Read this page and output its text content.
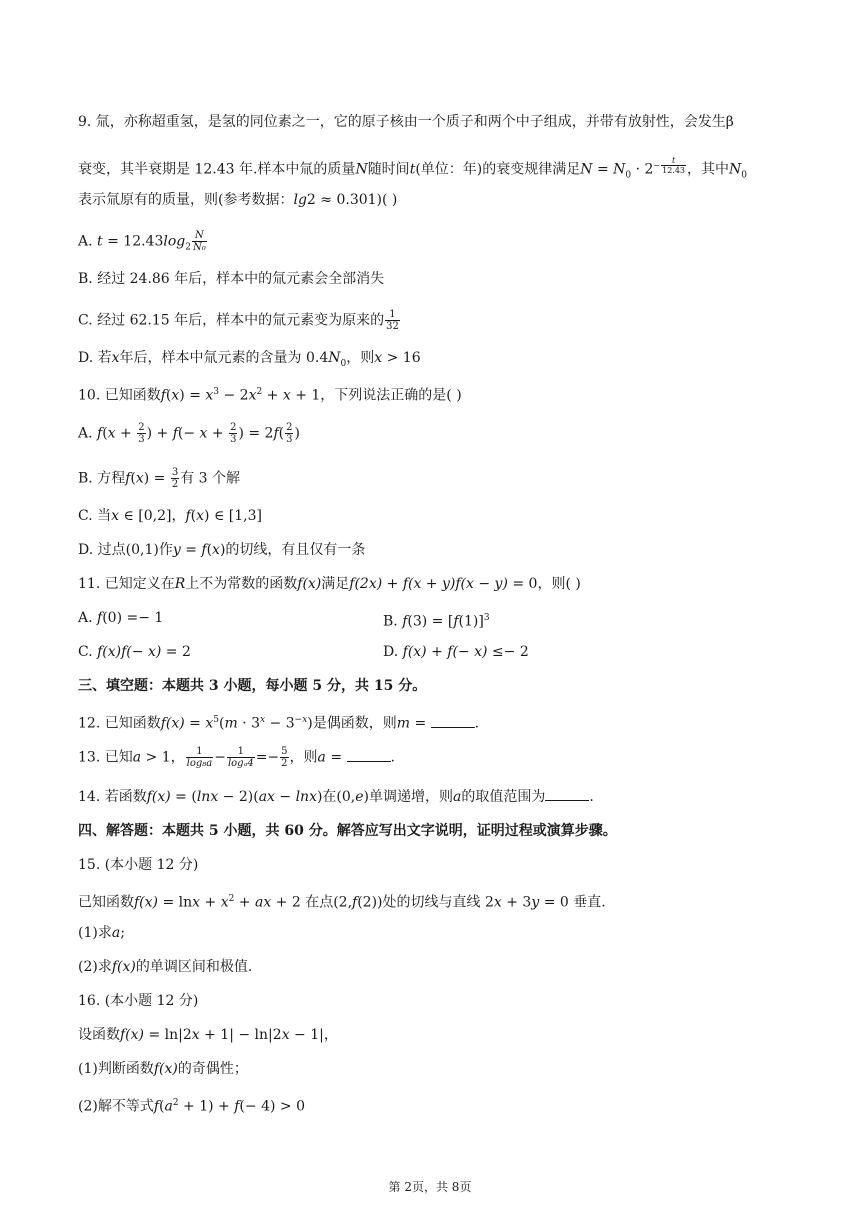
9. 氚，亦称超重氢，是氢的同位素之一，它的原子核由一个质子和两个中子组成，并带有放射性，会发生β
衰变，其半衰期是 12.43 年.样本中氚的质量N随时间t(单位：年)的衰变规律满足$N = N_0 \cdot 2^{- \frac{t}{12.43}}$ ，其中$N_0$
表示氚原有的质量，则(参考数据：lg2 ≈ 0.301)( )
A. $t = 12.43\log_2 \frac{N}{\text{N₀}}$
B. 经过 24.86 年后，样本中的氚元素会全部消失
C. 经过 62.15 年后，样本中的氚元素变为原来的 $\frac{1}{32}$
D. 若x年后，样本中氚元素的含量为 $0.4N_0$，则x > 16
10. 已知函数$f(x) = x^3 - 2x^2 + x + 1$，下列说法正确的是( )
A. $f(x + \frac{2}{3}$ ) + $f(- x + \frac{2}{3}$ ) = $2f( \frac{2}{3}$ )
B. 方程$f(x) = \frac{3}{2}$ 有 3 个解
C. 当x ∈ [0,2]，f(x) ∈ [1,3]
D. 过点(0,1)作y = f(x)的切线，有且仅有一条
11. 已知定义在R上不为常数的函数f(x)满足f(2x) + f(x + y)f(x − y) = 0，则( )
A. f(0) =− 1	B. $f(3) = [f(1)]^3$
C. f(x)f(− x) = 2	D. f(x) + f(− x) ≤− 2
三、填空题：本题共 3 小题，每小题 5 分，共 15 分。
12. 已知函数$f(x) = x^5(m \cdot 3^x - 3^{-x})$是偶函数，则m =	.
13. 已知a > 1， $\frac{1}{\text{log₈a}} - \frac{1}{\text{logₐ4}} =- \frac{5}{2}$ ，则a =	.
14. 若函数f(x) = (lnx − 2)(ax − lnx)在(0,e)单调递增，则a的取值范围为	.
四、解答题：本题共 5 小题，共 60 分。解答应写出文字说明，证明过程或演算步骤。
15. (本小题 12 分)
已知函数$f(x) = \ln x + x^2$ + ax + 2 在点(2,f(2))处的切线与直线 2x + 3y = 0 垂直.
(1)求a;
(2)求f(x)的单调区间和极值.
16. (本小题 12 分)
设函数f(x) = ln|2x + 1| − ln|2x − 1|，
(1)判断函数f(x)的奇偶性；
(2)解不等式$f(a^2 + 1) + f(- 4) > 0$
第 2页，共 8页
